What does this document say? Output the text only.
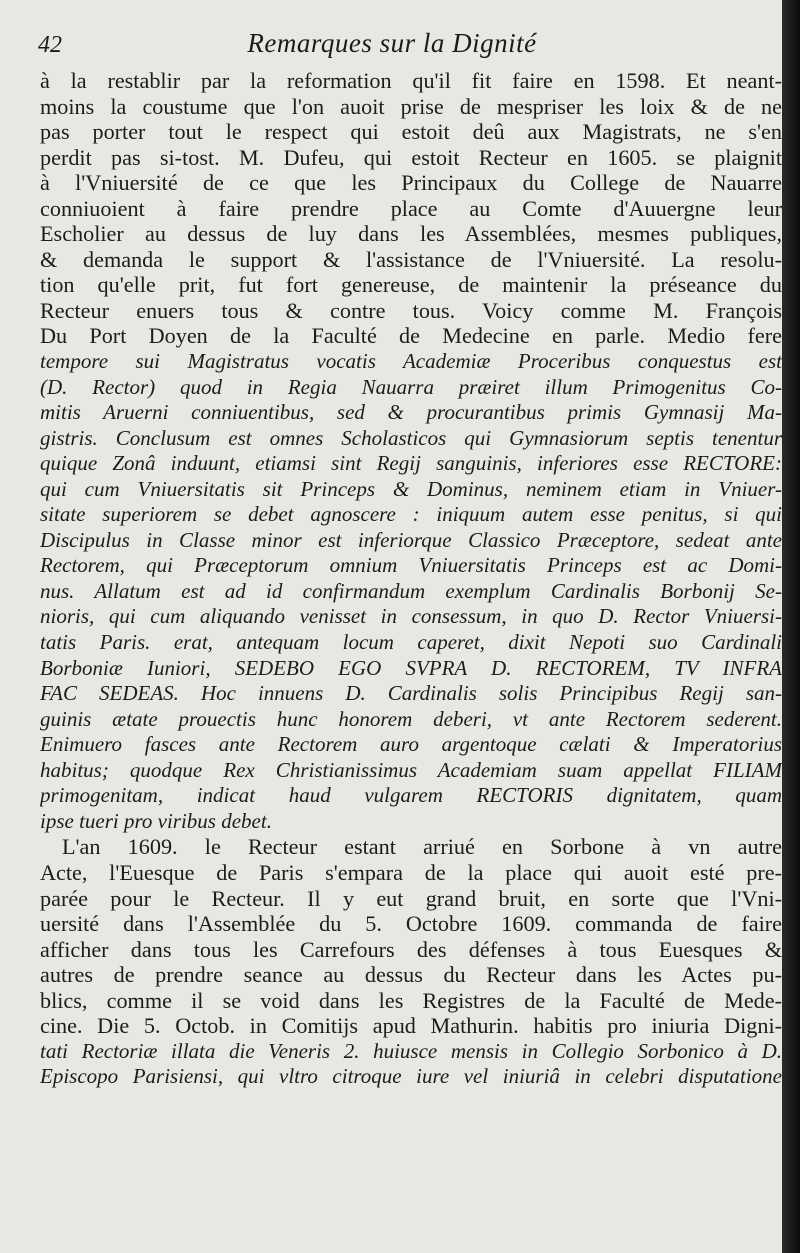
42	Remarques sur la Dignité
à la restablir par la reformation qu'il fit faire en 1598. Et neant-
moins la coustume que l'on auoit prise de mespriser les loix & de ne
pas porter tout le respect qui estoit deû aux Magistrats, ne s'en
perdit pas si-tost. M. Dufeu, qui estoit Recteur en 1605. se plaignit
à l'Vniuersité de ce que les Principaux du College de Nauarre
conniuoient à faire prendre place au Comte d'Auuergne leur
Escholier au dessus de luy dans les Assemblées, mesmes publiques,
& demanda le support & l'assistance de l'Vniuersité. La resolu-
tion qu'elle prit, fut fort genereuse, de maintenir la préseance du
Recteur enuers tous & contre tous. Voicy comme M. François
Du Port Doyen de la Faculté de Medecine en parle. Medio fere
tempore sui Magistratus vocatis Academiæ Proceribus conquestus est
(D. Rector) quod in Regia Nauarra præiret illum Primogenitus Co-
mitis Aruerni conniuentibus, sed & procurantibus primis Gymnasij Ma-
gistris. Conclusum est omnes Scholasticos qui Gymnasiorum septis tenentur
quique Zonâ induunt, etiamsi sint Regij sanguinis, inferiores esse RECTORE:
qui cum Vniuersitatis sit Princeps & Dominus, neminem etiam in Vniuer-
sitate superiorem se debet agnoscere : iniquum autem esse penitus, si qui
Discipulus in Classe minor est inferiorque Classico Præceptore, sedeat ante
Rectorem, qui Præceptorum omnium Vniuersitatis Princeps est ac Domi-
nus. Allatum est ad id confirmandum exemplum Cardinalis Borbonij Se-
nioris, qui cum aliquando venisset in consessum, in quo D. Rector Vniuersi-
tatis Paris. erat, antequam locum caperet, dixit Nepoti suo Cardinali
Borboniæ Iuniori, SEDEBO EGO SVPRA D. RECTOREM, TV INFRA
FAC SEDEAS. Hoc innuens D. Cardinalis solis Principibus Regij san-
guinis ætate prouectis hunc honorem deberi, vt ante Rectorem sederent.
Enimuero fasces ante Rectorem auro argentoque cælati & Imperatorius
habitus; quodque Rex Christianissimus Academiam suam appellat FILIAM
primogenitam, indicat haud vulgarem RECTORIS dignitatem, quam
ipse tueri pro viribus debet.
L'an 1609. le Recteur estant arriué en Sorbone à vn autre
Acte, l'Euesque de Paris s'empara de la place qui auoit esté pre-
parée pour le Recteur. Il y eut grand bruit, en sorte que l'Vni-
uersité dans l'Assemblée du 5. Octobre 1609. commanda de faire
afficher dans tous les Carrefours des défenses à tous Euesques &
autres de prendre seance au dessus du Recteur dans les Actes pu-
blics, comme il se void dans les Registres de la Faculté de Mede-
cine. Die 5. Octob. in Comitijs apud Mathurin. habitis pro iniuria Digni-
tati Rectoriæ illata die Veneris 2. huiusce mensis in Collegio Sorbonico à D.
Episcopo Parisiensi, qui vltro citroque iure vel iniuriâ in celebri disputatione
